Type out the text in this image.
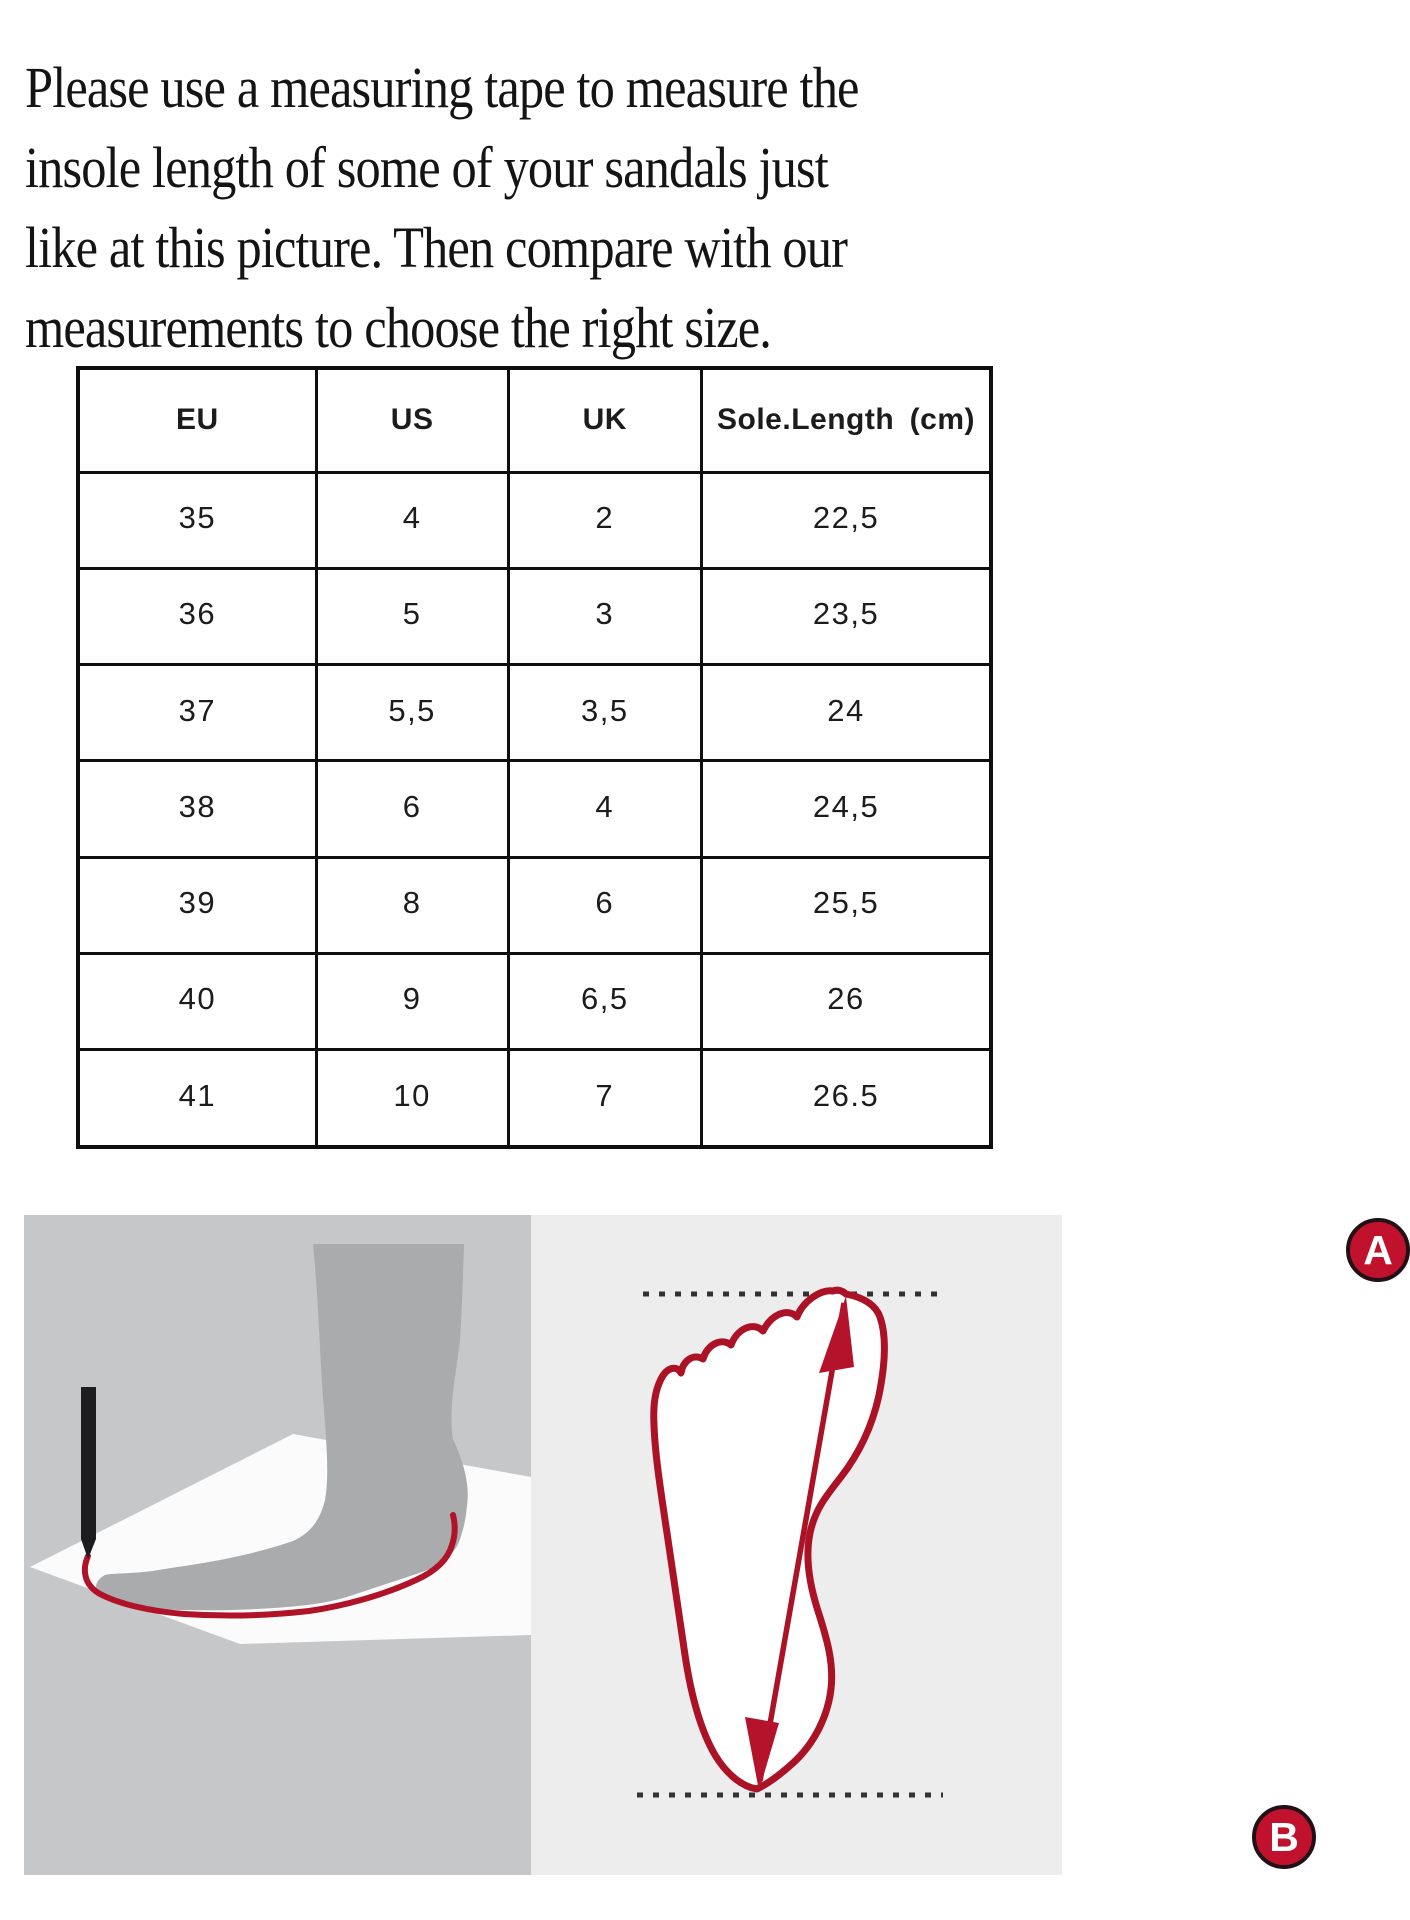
Please use a measuring tape to measure the
insole length of some of your sandals just
like at this picture. Then compare with our
measurements to choose the right size.
EU	US	UK	Sole.Length (cm)
35	4	2	22,5
36	5	3	23,5
37	5,5	3,5	24
38	6	4	24,5
39	8	6	25,5
40	9	6,5	26
41	10	7	26.5
A
B
